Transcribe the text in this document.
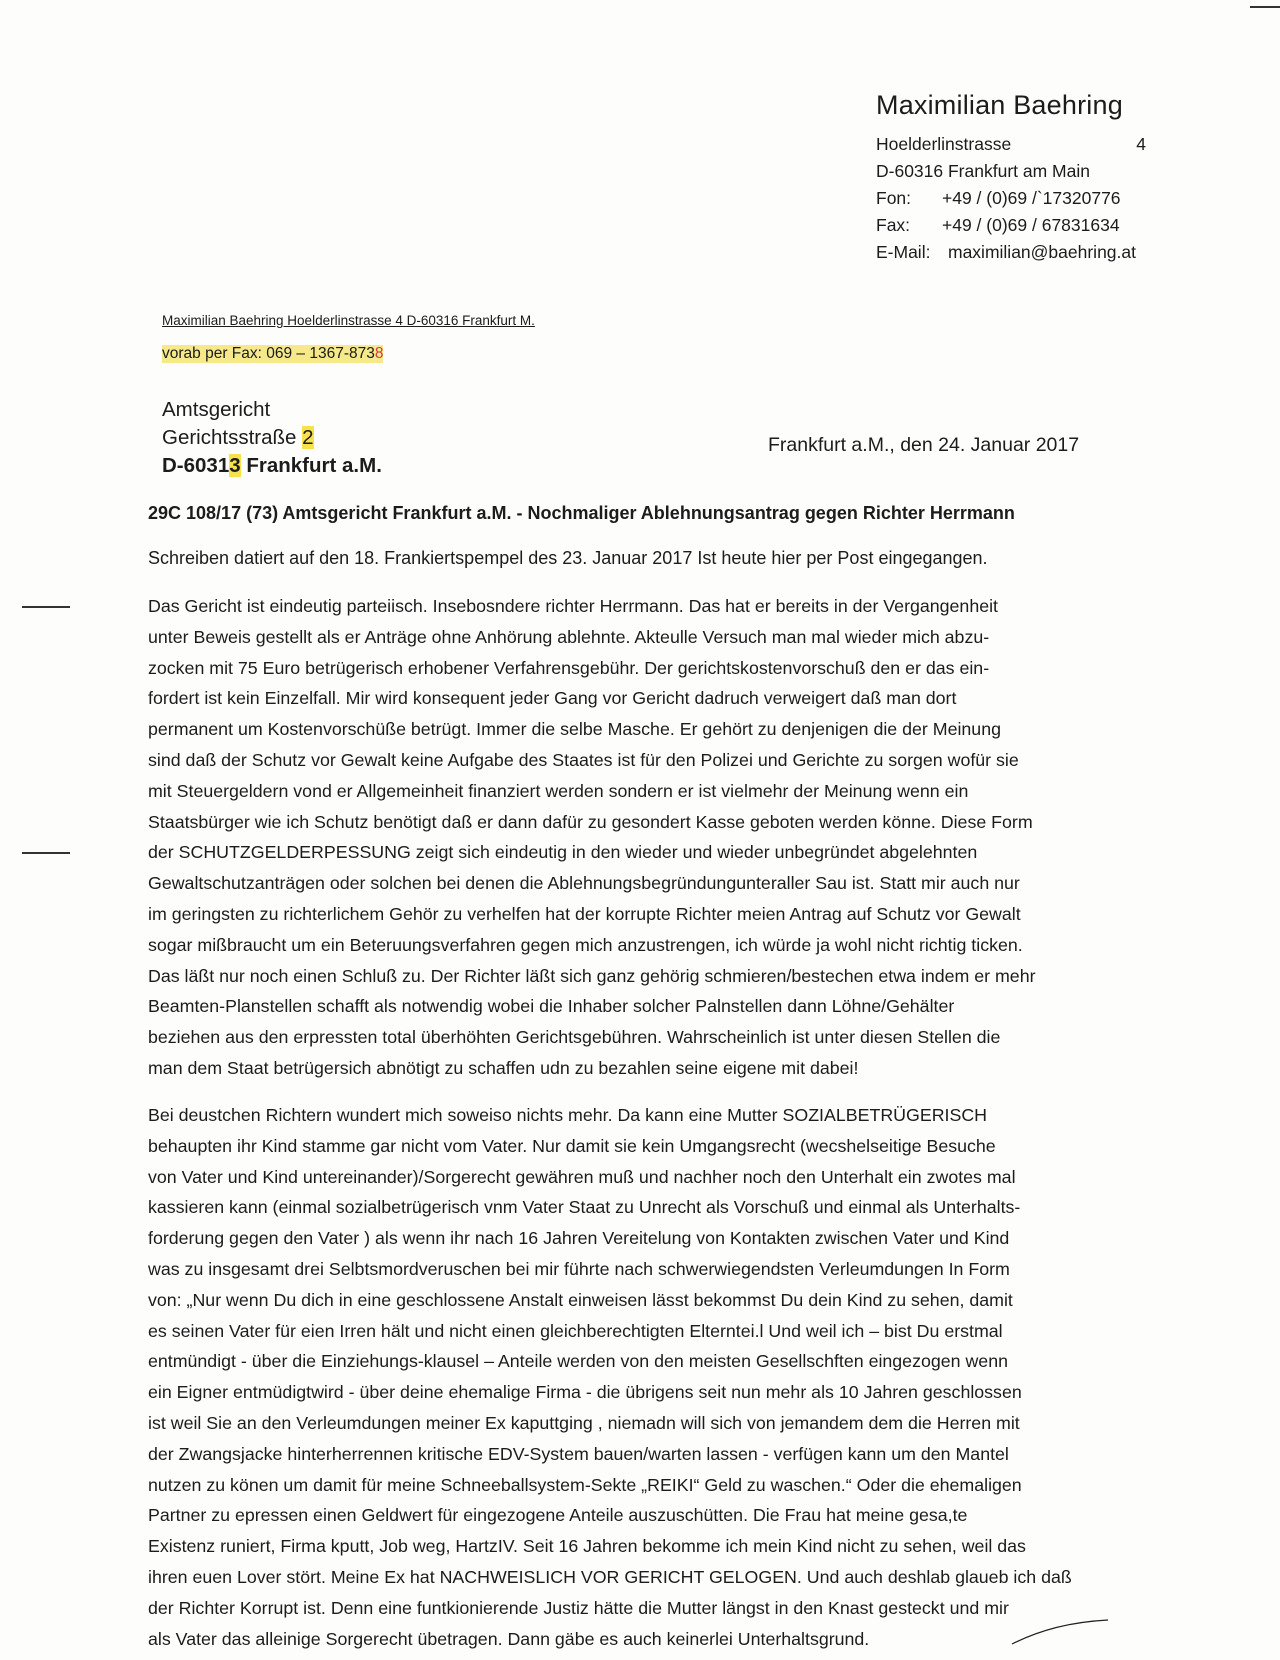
Maximilian Baehring
Hoelderlinstrasse	4
D-60316 Frankfurt am Main
Fon:	+49 / (0)69 /`17320776
Fax:	+49 / (0)69 / 67831634
E-Mail:	maximilian@baehring.at
Maximilian Baehring Hoelderlinstrasse 4 D-60316 Frankfurt M.
vorab per Fax: 069 – 1367-8738
Amtsgericht
Gerichtsstraße 2
D-60313 Frankfurt a.M.
Frankfurt a.M., den 24. Januar 2017
29C 108/17 (73) Amtsgericht Frankfurt a.M. - Nochmaliger Ablehnungsantrag gegen Richter Herrmann
Schreiben datiert auf den 18. Frankiertspempel des 23. Januar 2017 Ist heute hier per Post eingegangen.
Das Gericht ist eindeutig parteiisch. Insebosndere richter Herrmann. Das hat er bereits in der Vergangenheit
unter Beweis gestellt als er Anträge ohne Anhörung ablehnte. Akteulle Versuch man mal wieder mich abzu-
zocken mit 75 Euro betrügerisch erhobener Verfahrensgebühr. Der gerichtskostenvorschuß den er das ein-
fordert ist kein Einzelfall. Mir wird konsequent jeder Gang vor Gericht dadruch verweigert daß man dort
permanent um Kostenvorschüße betrügt. Immer die selbe Masche. Er gehört zu denjenigen die der Meinung
sind daß der Schutz vor Gewalt keine Aufgabe des Staates ist für den Polizei und Gerichte zu sorgen wofür sie
mit Steuergeldern vond er Allgemeinheit finanziert werden sondern er ist vielmehr der Meinung wenn ein
Staatsbürger wie ich Schutz benötigt daß er dann dafür zu gesondert Kasse geboten werden könne. Diese Form
der SCHUTZGELDERPESSUNG zeigt sich eindeutig in den wieder und wieder unbegründet abgelehnten
Gewaltschutzanträgen oder solchen bei denen die Ablehnungsbegründungunteraller Sau ist. Statt mir auch nur
im geringsten zu richterlichem Gehör zu verhelfen hat der korrupte Richter meien Antrag auf Schutz vor Gewalt
sogar mißbraucht um ein Beteruungsverfahren gegen mich anzustrengen, ich würde ja wohl nicht richtig ticken.
Das läßt nur noch einen Schluß zu. Der Richter läßt sich ganz gehörig schmieren/bestechen etwa indem er mehr
Beamten-Planstellen schafft als notwendig wobei die Inhaber solcher Palnstellen dann Löhne/Gehälter
beziehen aus den erpressten total überhöhten Gerichtsgebühren. Wahrscheinlich ist unter diesen Stellen die
man dem Staat betrügersich abnötigt zu schaffen udn zu bezahlen seine eigene mit dabei!
Bei deustchen Richtern wundert mich soweiso nichts mehr. Da kann eine Mutter SOZIALBETRÜGERISCH
behaupten ihr Kind stamme gar nicht vom Vater. Nur damit sie kein Umgangsrecht (wecshelseitige Besuche
von Vater und Kind untereinander)/Sorgerecht gewähren muß und nachher noch den Unterhalt ein zwotes mal
kassieren kann (einmal sozialbetrügerisch vnm Vater Staat zu Unrecht als Vorschuß und einmal als Unterhalts-
forderung gegen den Vater ) als wenn ihr nach 16 Jahren Vereitelung von Kontakten zwischen Vater und Kind
was zu insgesamt drei Selbtsmordveruschen bei mir führte nach schwerwiegendsten Verleumdungen In Form
von: „Nur wenn Du dich in eine geschlossene Anstalt einweisen lässt bekommst Du dein Kind zu sehen, damit
es seinen Vater für eien Irren hält und nicht einen gleichberechtigten Elterntei.l Und weil ich – bist Du erstmal
entmündigt - über die Einziehungs-klausel – Anteile werden von den meisten Gesellschften eingezogen wenn
ein Eigner entmüdigtwird - über deine ehemalige Firma - die übrigens seit nun mehr als 10 Jahren geschlossen
ist weil Sie an den Verleumdungen meiner Ex kaputtging , niemadn will sich von jemandem dem die Herren mit
der Zwangsjacke hinterherrennen kritische EDV-System bauen/warten lassen - verfügen kann um den Mantel
nutzen zu könen um damit für meine Schneeballsystem-Sekte „REIKI“ Geld zu waschen.“ Oder die ehemaligen
Partner zu epressen einen Geldwert für eingezogene Anteile auszuschütten. Die Frau hat meine gesa,te
Existenz runiert, Firma kputt, Job weg, HartzIV. Seit 16 Jahren bekomme ich mein Kind nicht zu sehen, weil das
ihren euen Lover stört. Meine Ex hat NACHWEISLICH VOR GERICHT GELOGEN. Und auch deshlab glaueb ich daß
der Richter Korrupt ist. Denn eine funtkionierende Justiz hätte die Mutter längst in den Knast gesteckt und mir
als Vater das alleinige Sorgerecht übetragen. Dann gäbe es auch keinerlei Unterhaltsgrund.
